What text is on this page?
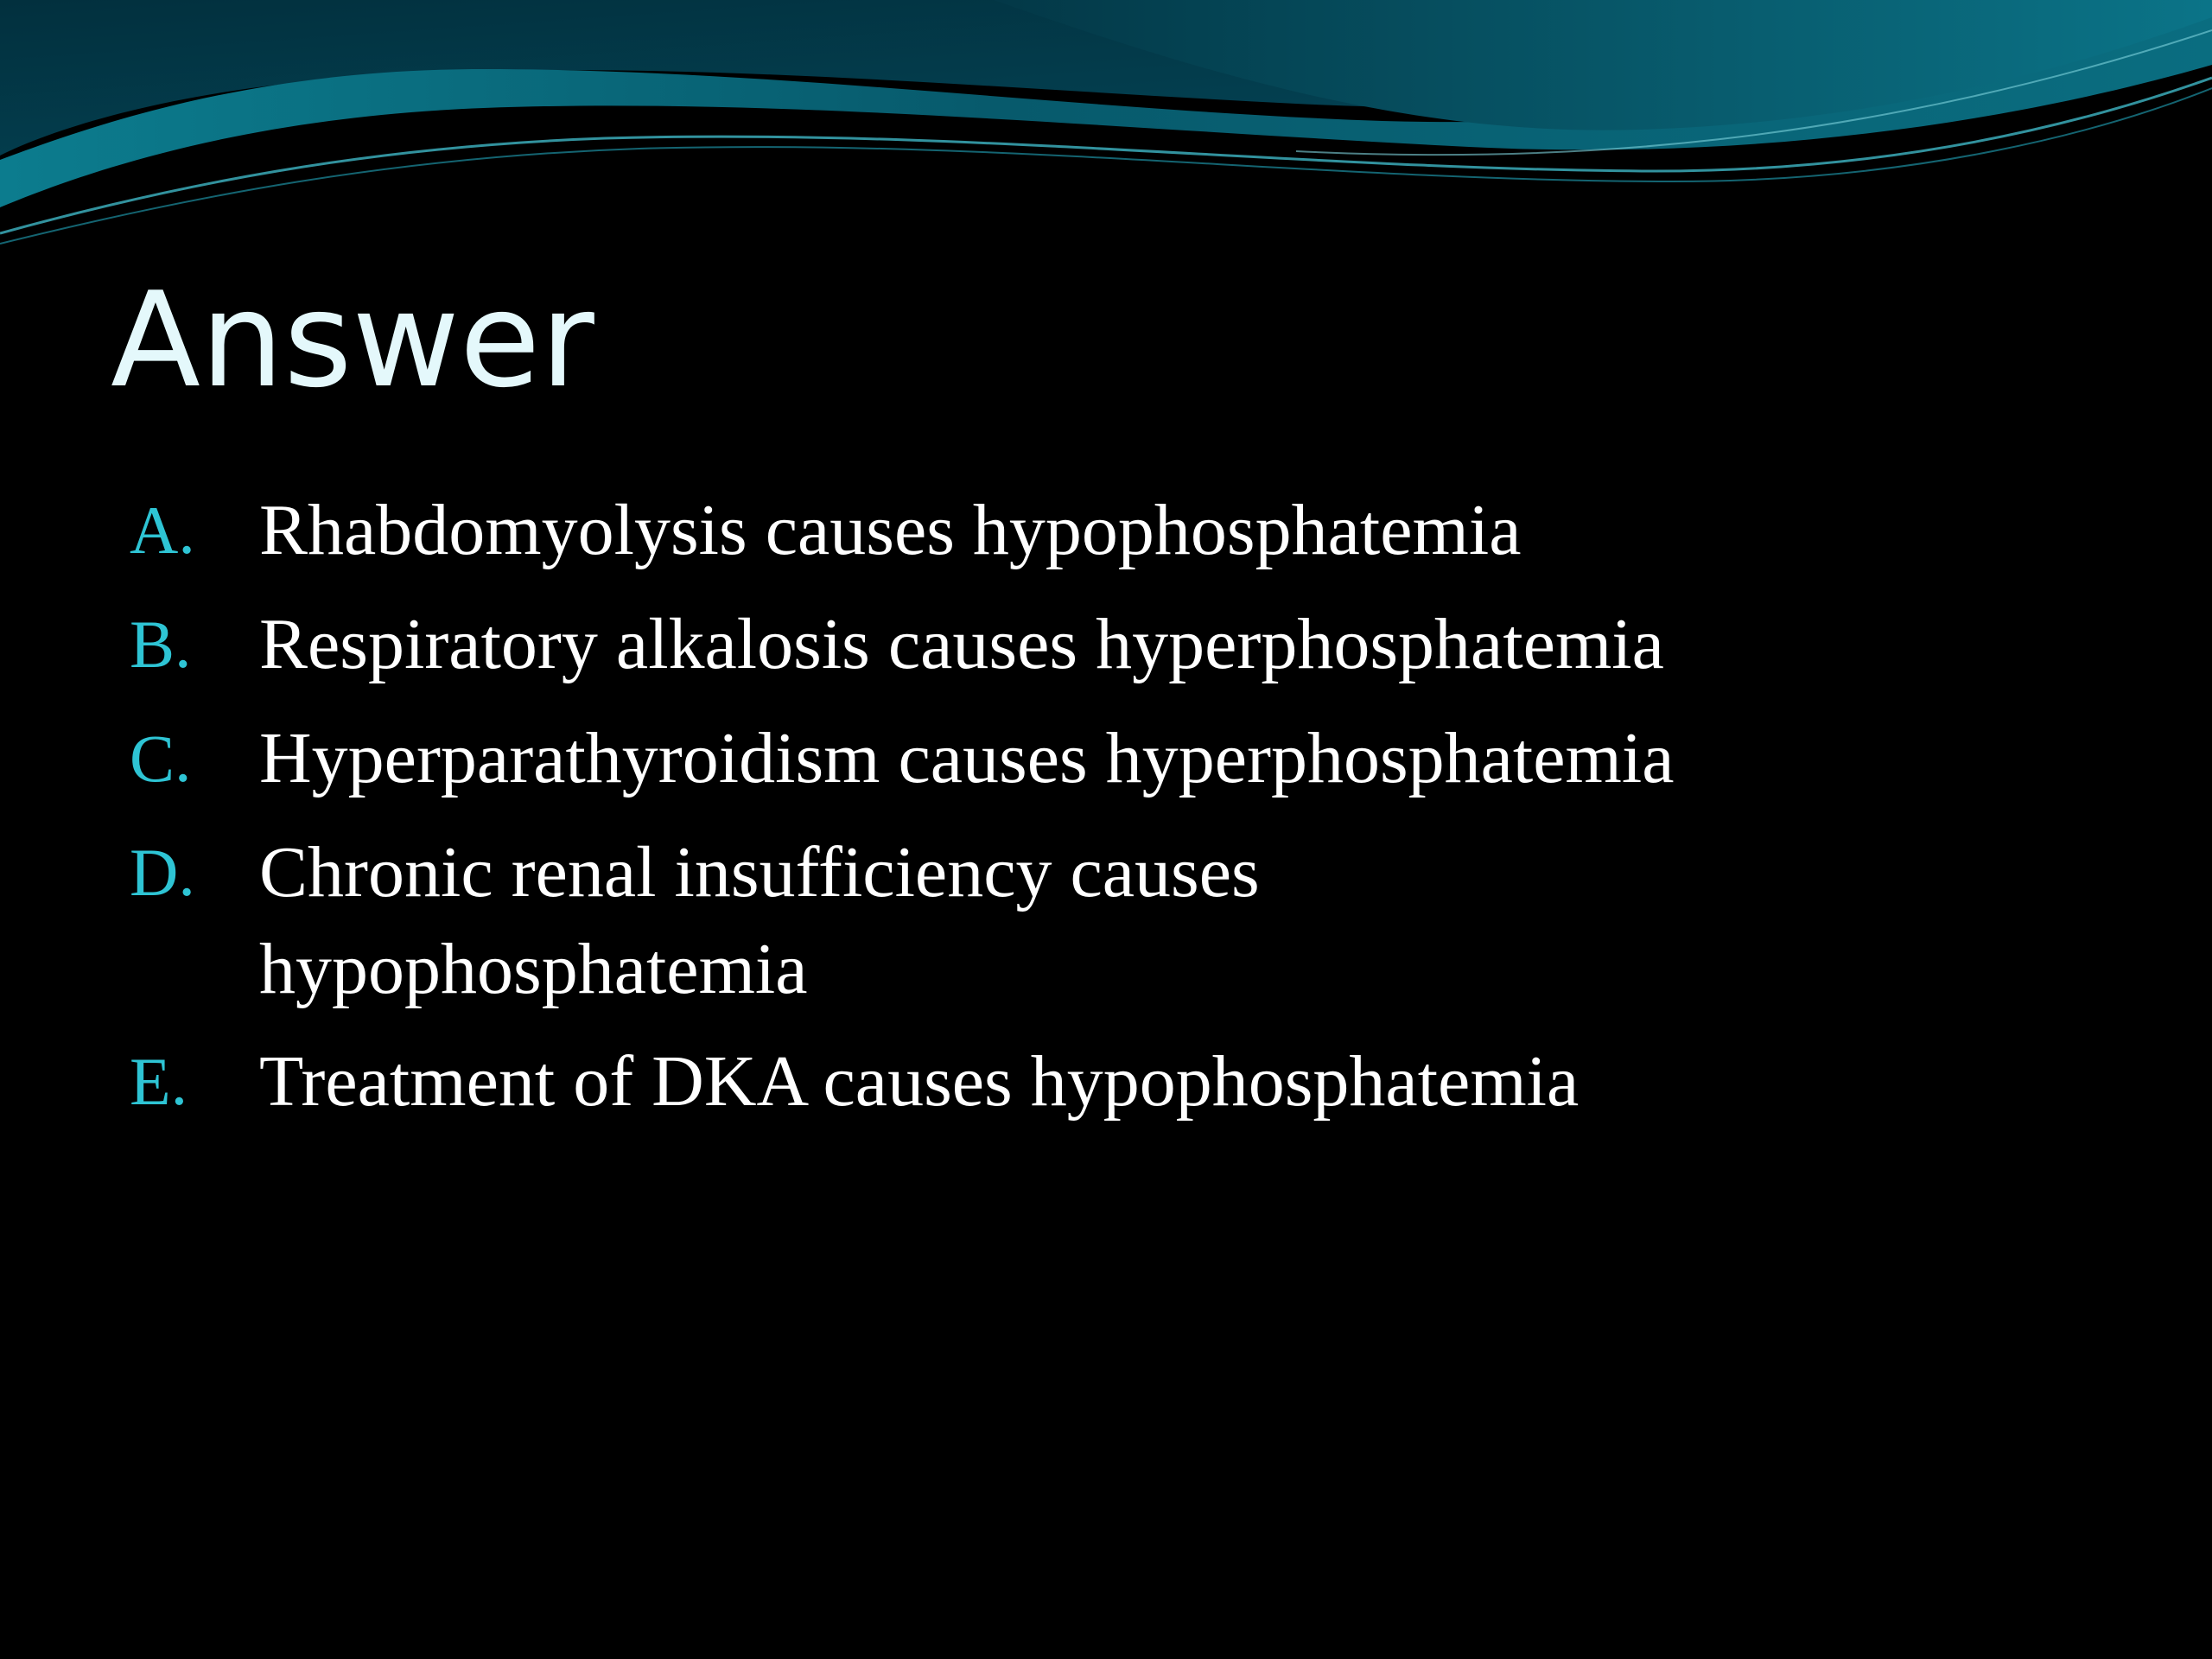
Answer
A. Rhabdomyolysis causes hypophosphatemia
B. Respiratory alkalosis causes hyperphosphatemia
C. Hyperparathyroidism causes hyperphosphatemia
D. Chronic renal insufficiency causes hypophosphatemia
E. Treatment of DKA causes hypophosphatemia
